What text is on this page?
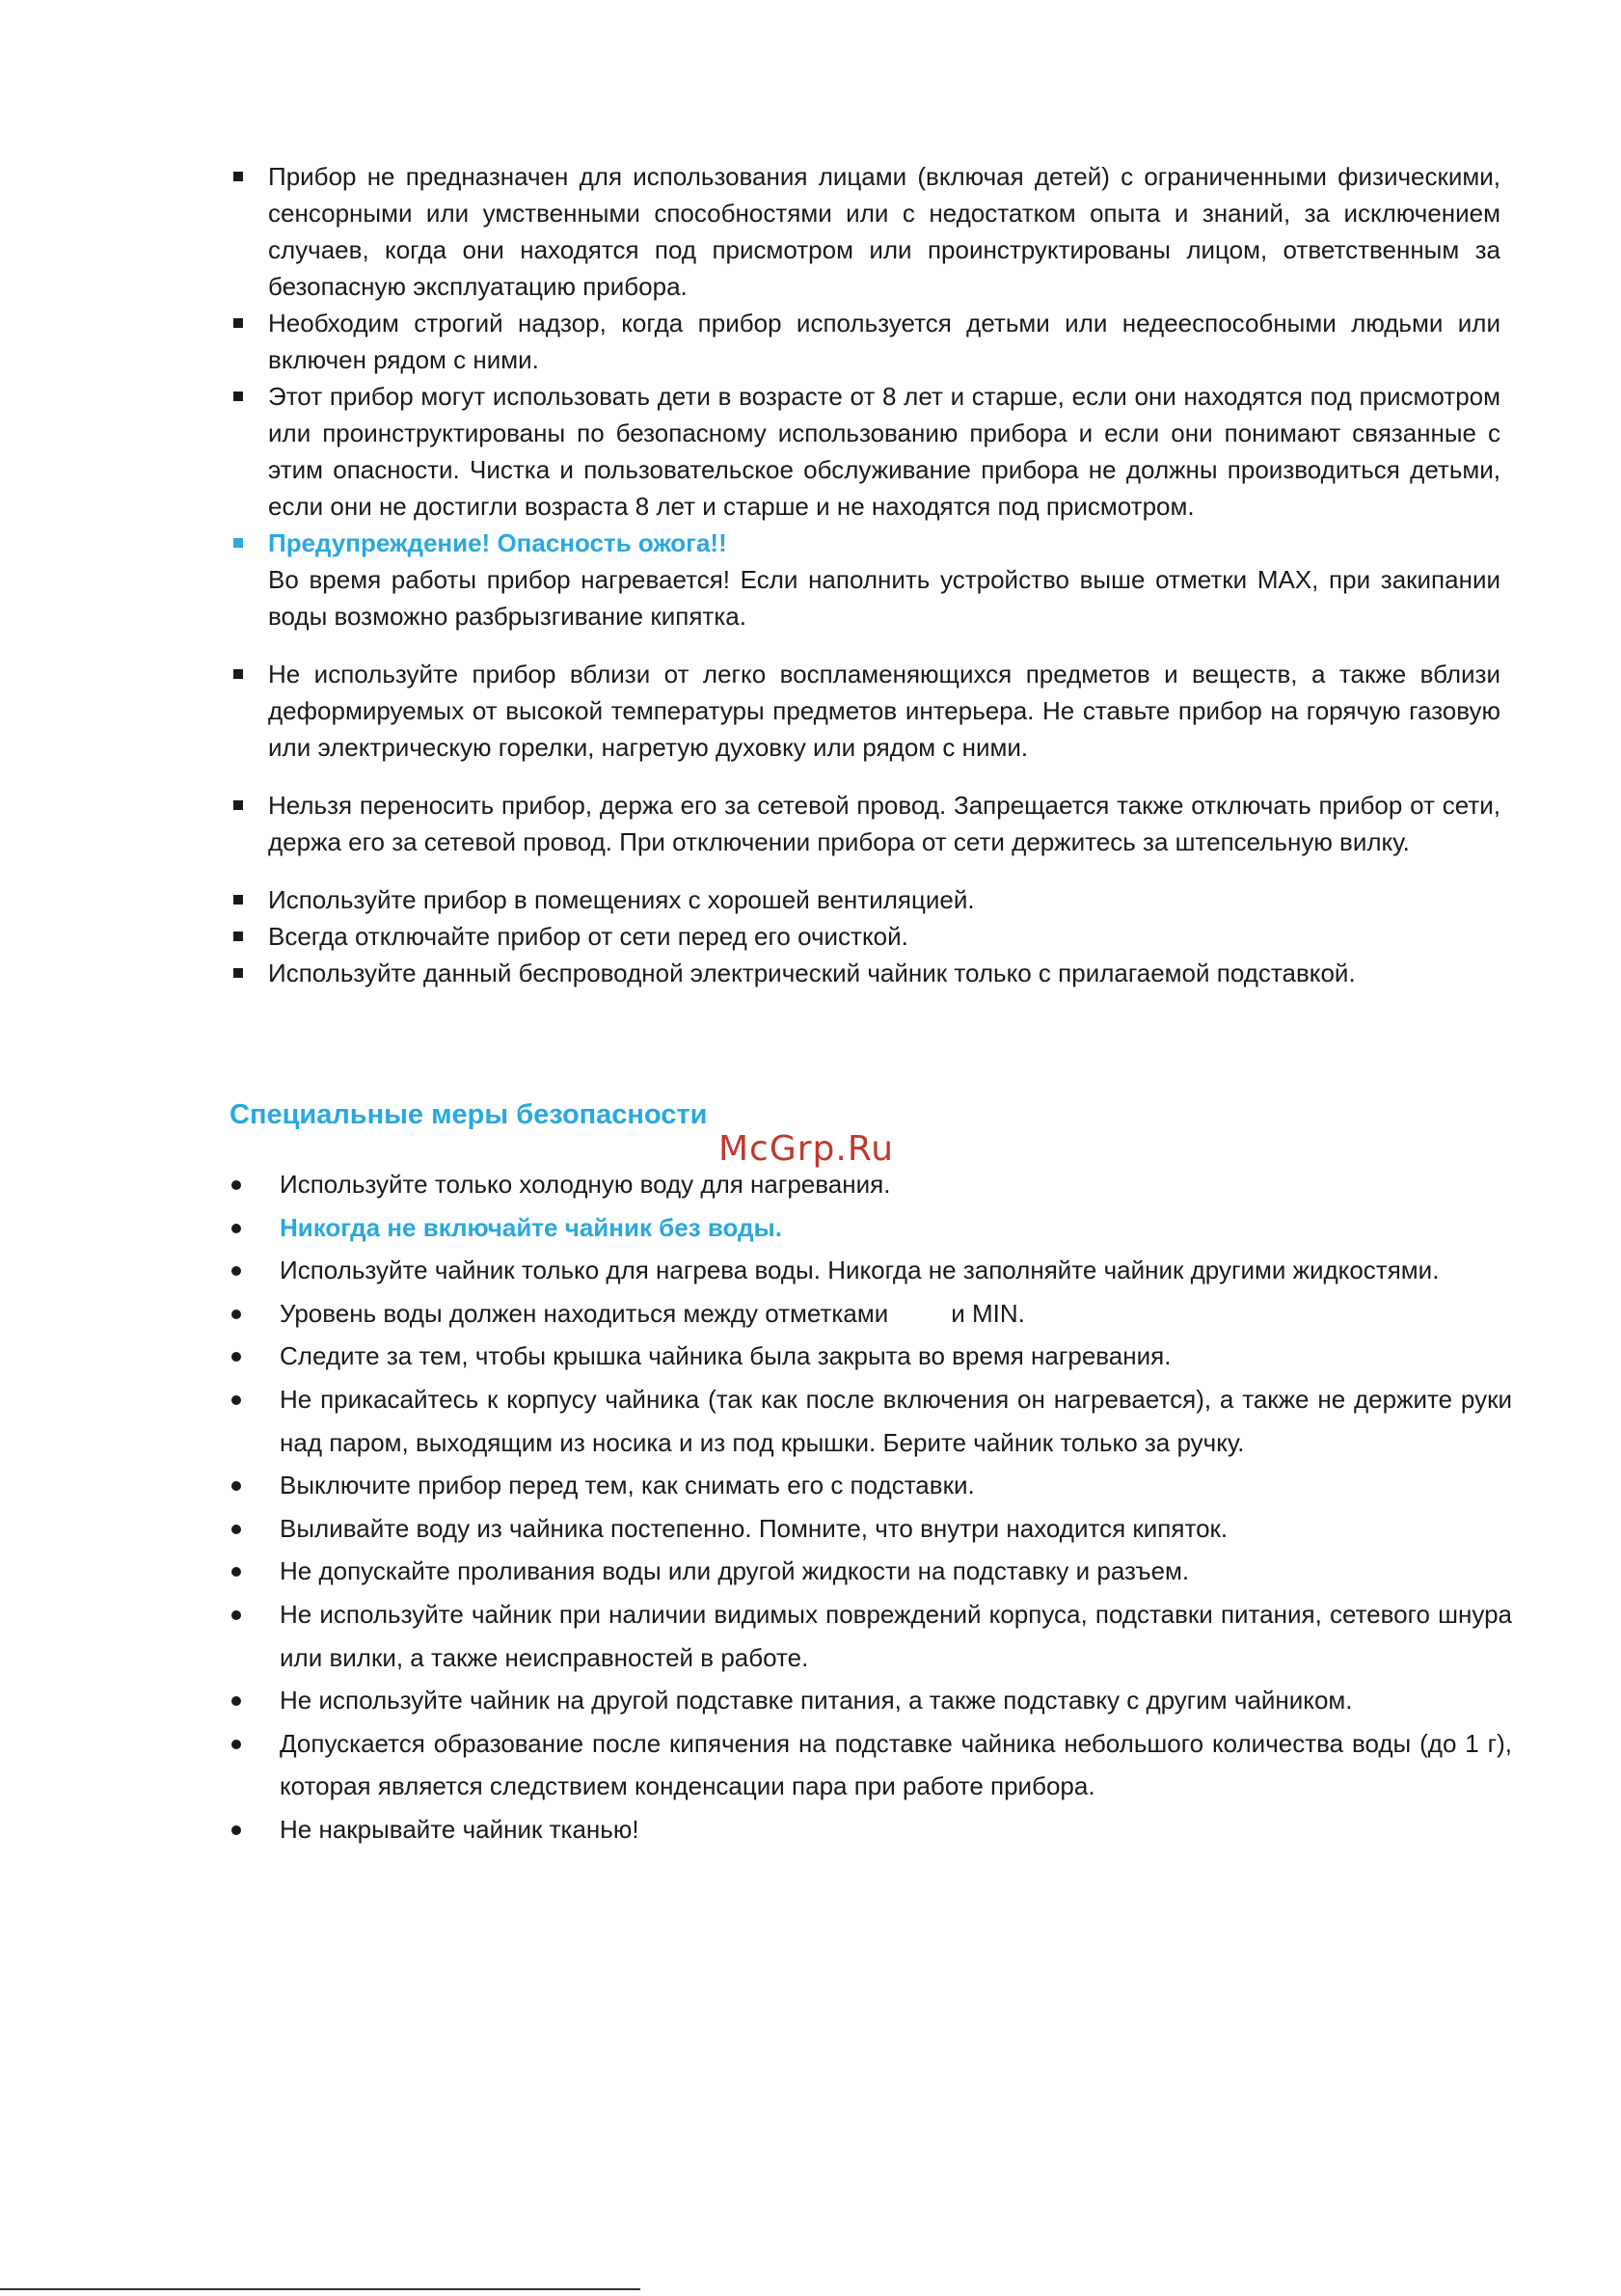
Прибор не предназначен для использования лицами (включая детей) с ограниченными физическими, сенсорными или умственными способностями или с недостатком опыта и знаний, за исключением случаев, когда они находятся под присмотром или проинструктированы лицом, ответственным за безопасную эксплуатацию прибора.
Необходим строгий надзор, когда прибор используется детьми или недееспособными людьми или включен рядом с ними.
Этот прибор могут использовать дети в возрасте от 8 лет и старше, если они находятся под присмотром или проинструктированы по безопасному использованию прибора и если они понимают связанные с этим опасности. Чистка и пользовательское обслуживание прибора не должны производиться детьми, если они не достигли возраста 8 лет и старше и не находятся под присмотром.
Предупреждение! Опасность ожога!!
Во время работы прибор нагревается! Если наполнить устройство выше отметки МАХ, при закипании воды возможно разбрызгивание кипятка.
Не используйте прибор вблизи от легко воспламеняющихся предметов и веществ, а также вблизи деформируемых от высокой температуры предметов интерьера. Не ставьте прибор на горячую газовую или электрическую горелки, нагретую духовку или рядом с ними.
Нельзя переносить прибор, держа его за сетевой провод. Запрещается также отключать прибор от сети, держа его за сетевой провод. При отключении прибора от сети держитесь за штепсельную вилку.
Используйте прибор в помещениях с хорошей вентиляцией.
Всегда отключайте прибор от сети перед его очисткой.
Используйте данный беспроводной электрический чайник только с прилагаемой подставкой.
Специальные меры безопасности
McGrp.Ru
Используйте только холодную воду для нагревания.
Никогда не включайте чайник без воды.
Используйте чайник только для нагрева воды. Никогда не заполняйте чайник другими жидкостями.
Уровень воды должен находиться между отметками         и MIN.
Следите за тем, чтобы крышка чайника была закрыта во время нагревания.
Не прикасайтесь к корпусу чайника (так как после включения он нагревается), а также не держите руки над паром, выходящим из носика и из под крышки. Берите чайник только за ручку.
Выключите прибор перед тем, как снимать его с подставки.
Выливайте воду из чайника постепенно. Помните, что внутри находится кипяток.
Не допускайте проливания воды или другой жидкости на подставку и разъем.
Не используйте чайник при наличии видимых повреждений корпуса, подставки питания, сетевого шнура или вилки, а также неисправностей в работе.
Не используйте чайник на другой подставке питания, а также подставку с другим чайником.
Допускается образование после кипячения на подставке чайника небольшого количества воды (до 1 г), которая является следствием конденсации пара при работе прибора.
Не накрывайте чайник тканью!
